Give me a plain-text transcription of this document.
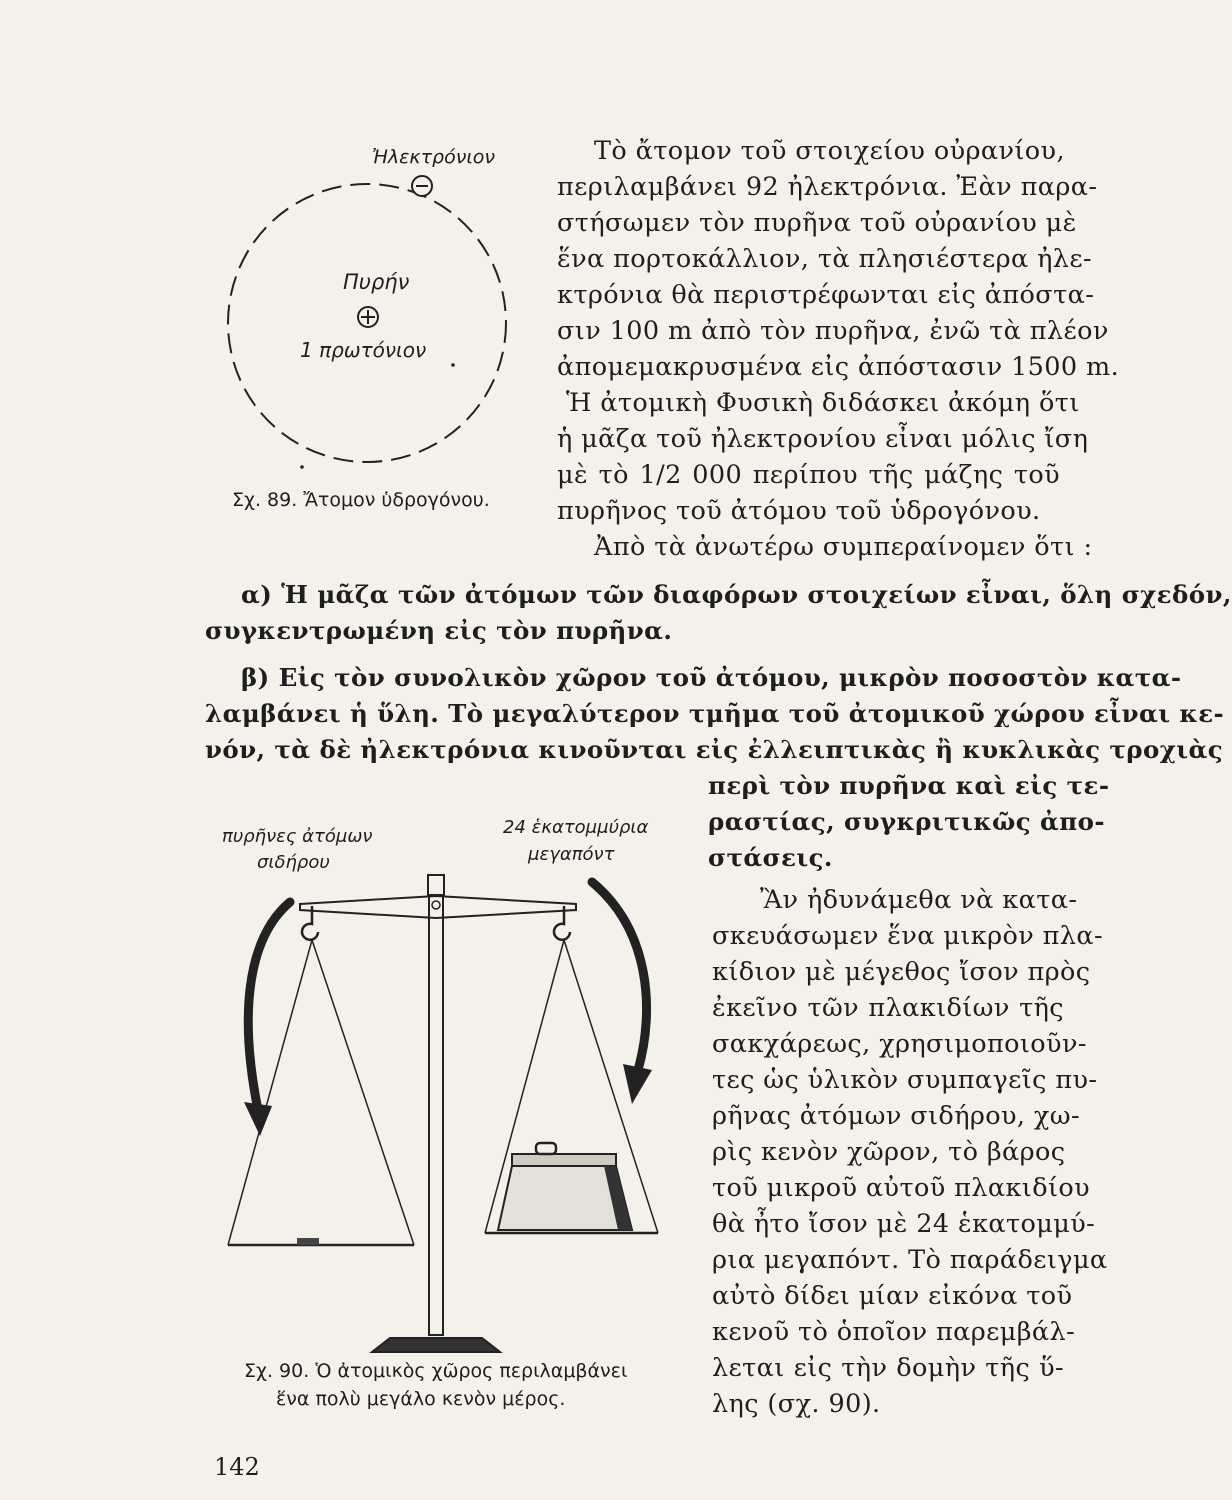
Ἠλεκτρόνιον
Πυρήν
1 πρωτόνιον
Σχ. 89. Ἄτομον ὑδρογόνου.
Τὸ ἄτομον τοῦ στοιχείου οὐρανίου,
περιλαμβάνει 92 ἠλεκτρόνια. Ἐὰν παρα-
στήσωμεν τὸν πυρῆνα τοῦ οὐρανίου μὲ
ἕνα πορτοκάλλιον, τὰ πλησιέστερα ἠλε-
κτρόνια θὰ περιστρέφωνται εἰς ἀπόστα-
σιν 100 m ἀπὸ τὸν πυρῆνα, ἐνῶ τὰ πλέον
ἀπομεμακρυσμένα εἰς ἀπόστασιν 1500 m.
Ἡ ἀτομικὴ Φυσικὴ διδάσκει ἀκόμη ὅτι
ἡ μᾶζα τοῦ ἠλεκτρονίου εἶναι μόλις ἴση
μὲ τὸ 1/2 000 περίπου τῆς μάζης τοῦ
πυρῆνος τοῦ ἀτόμου τοῦ ὑδρογόνου.
Ἀπὸ τὰ ἀνωτέρω συμπεραίνομεν ὅτι :
α) Ἡ μᾶζα τῶν ἀτόμων τῶν διαφόρων στοιχείων εἶναι, ὅλη σχεδόν,
συγκεντρωμένη εἰς τὸν πυρῆνα.
β) Εἰς τὸν συνολικὸν χῶρον τοῦ ἀτόμου, μικρὸν ποσοστὸν κατα-
λαμβάνει ἡ ὕλη. Τὸ μεγαλύτερον τμῆμα τοῦ ἀτομικοῦ χώρου εἶναι κε-
νόν, τὰ δὲ ἠλεκτρόνια κινοῦνται εἰς ἐλλειπτικὰς ἢ κυκλικὰς τροχιὰς
περὶ τὸν πυρῆνα καὶ εἰς τε-
ραστίας, συγκριτικῶς ἀπο-
στάσεις.
πυρῆνες ἀτόμων
σιδήρου
24 ἑκατομμύρια
μεγαπόντ
Σχ. 90. Ὁ ἀτομικὸς χῶρος περιλαμβάνει
ἕνα πολὺ μεγάλο κενὸν μέρος.
Ἂν ἠδυνάμεθα νὰ κατα-
σκευάσωμεν ἕνα μικρὸν πλα-
κίδιον μὲ μέγεθος ἴσον πρὸς
ἐκεῖνο τῶν πλακιδίων τῆς
σακχάρεως, χρησιμοποιοῦν-
τες ὡς ὑλικὸν συμπαγεῖς πυ-
ρῆνας ἀτόμων σιδήρου, χω-
ρὶς κενὸν χῶρον, τὸ βάρος
τοῦ μικροῦ αὐτοῦ πλακιδίου
θὰ ἦτο ἴσον μὲ 24 ἑκατομμύ-
ρια μεγαπόντ. Τὸ παράδειγμα
αὐτὸ δίδει μίαν εἰκόνα τοῦ
κενοῦ τὸ ὁποῖον παρεμβάλ-
λεται εἰς τὴν δομὴν τῆς ὕ-
λης (σχ. 90).
142
